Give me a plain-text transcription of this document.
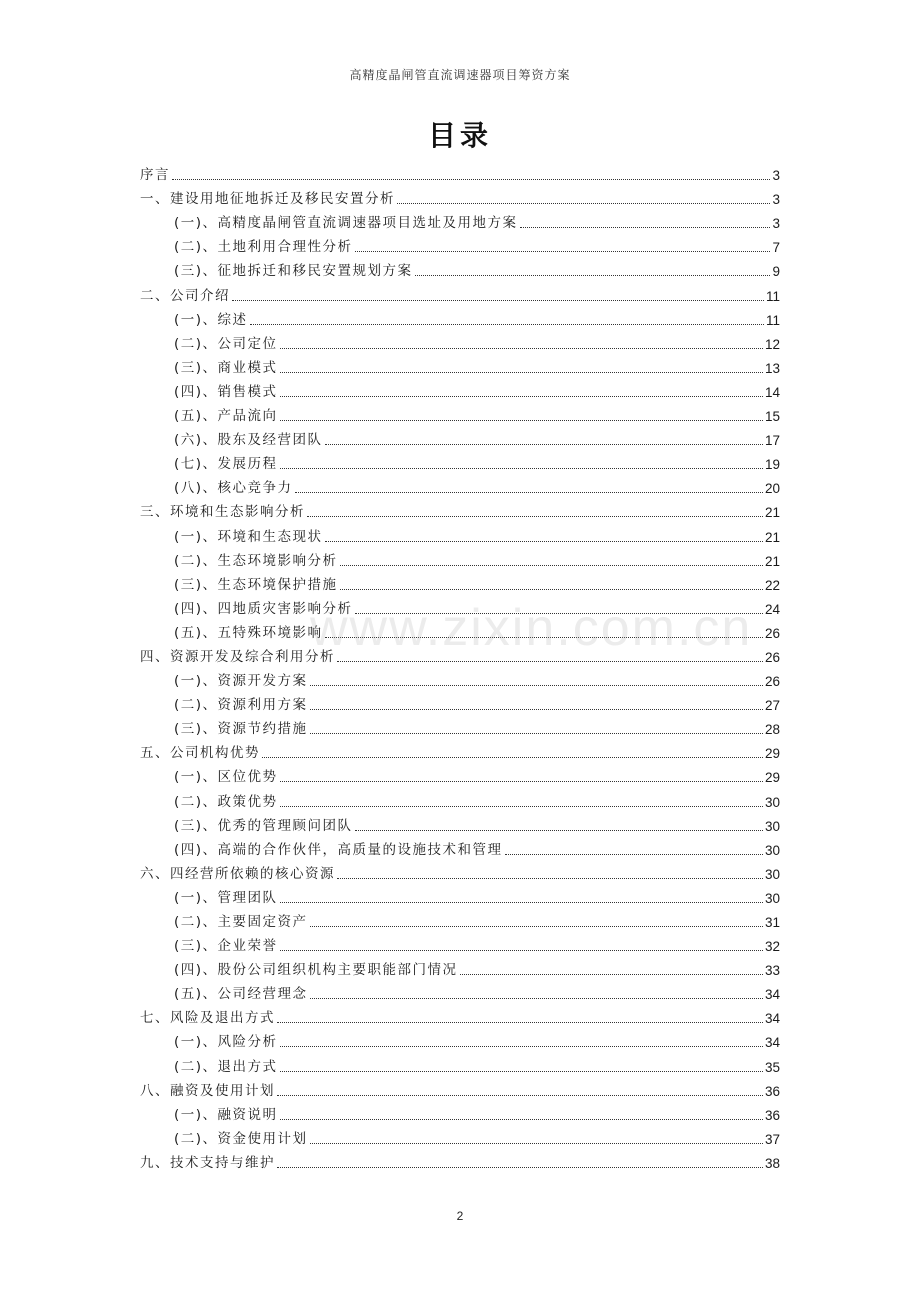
高精度晶闸管直流调速器项目筹资方案
目录
序言	3
一、建设用地征地拆迁及移民安置分析	3
(一)、高精度晶闸管直流调速器项目选址及用地方案	3
(二)、土地利用合理性分析	7
(三)、征地拆迁和移民安置规划方案	9
二、公司介绍	11
(一)、综述	11
(二)、公司定位	12
(三)、商业模式	13
(四)、销售模式	14
(五)、产品流向	15
(六)、股东及经营团队	17
(七)、发展历程	19
(八)、核心竞争力	20
三、环境和生态影响分析	21
(一)、环境和生态现状	21
(二)、生态环境影响分析	21
(三)、生态环境保护措施	22
(四)、四地质灾害影响分析	24
(五)、五特殊环境影响	26
四、资源开发及综合利用分析	26
(一)、资源开发方案	26
(二)、资源利用方案	27
(三)、资源节约措施	28
五、公司机构优势	29
(一)、区位优势	29
(二)、政策优势	30
(三)、优秀的管理顾问团队	30
(四)、高端的合作伙伴，高质量的设施技术和管理	30
六、四经营所依赖的核心资源	30
(一)、管理团队	30
(二)、主要固定资产	31
(三)、企业荣誉	32
(四)、股份公司组织机构主要职能部门情况	33
(五)、公司经营理念	34
七、风险及退出方式	34
(一)、风险分析	34
(二)、退出方式	35
八、融资及使用计划	36
(一)、融资说明	36
(二)、资金使用计划	37
九、技术支持与维护	38
www.zixin.com.cn
2
